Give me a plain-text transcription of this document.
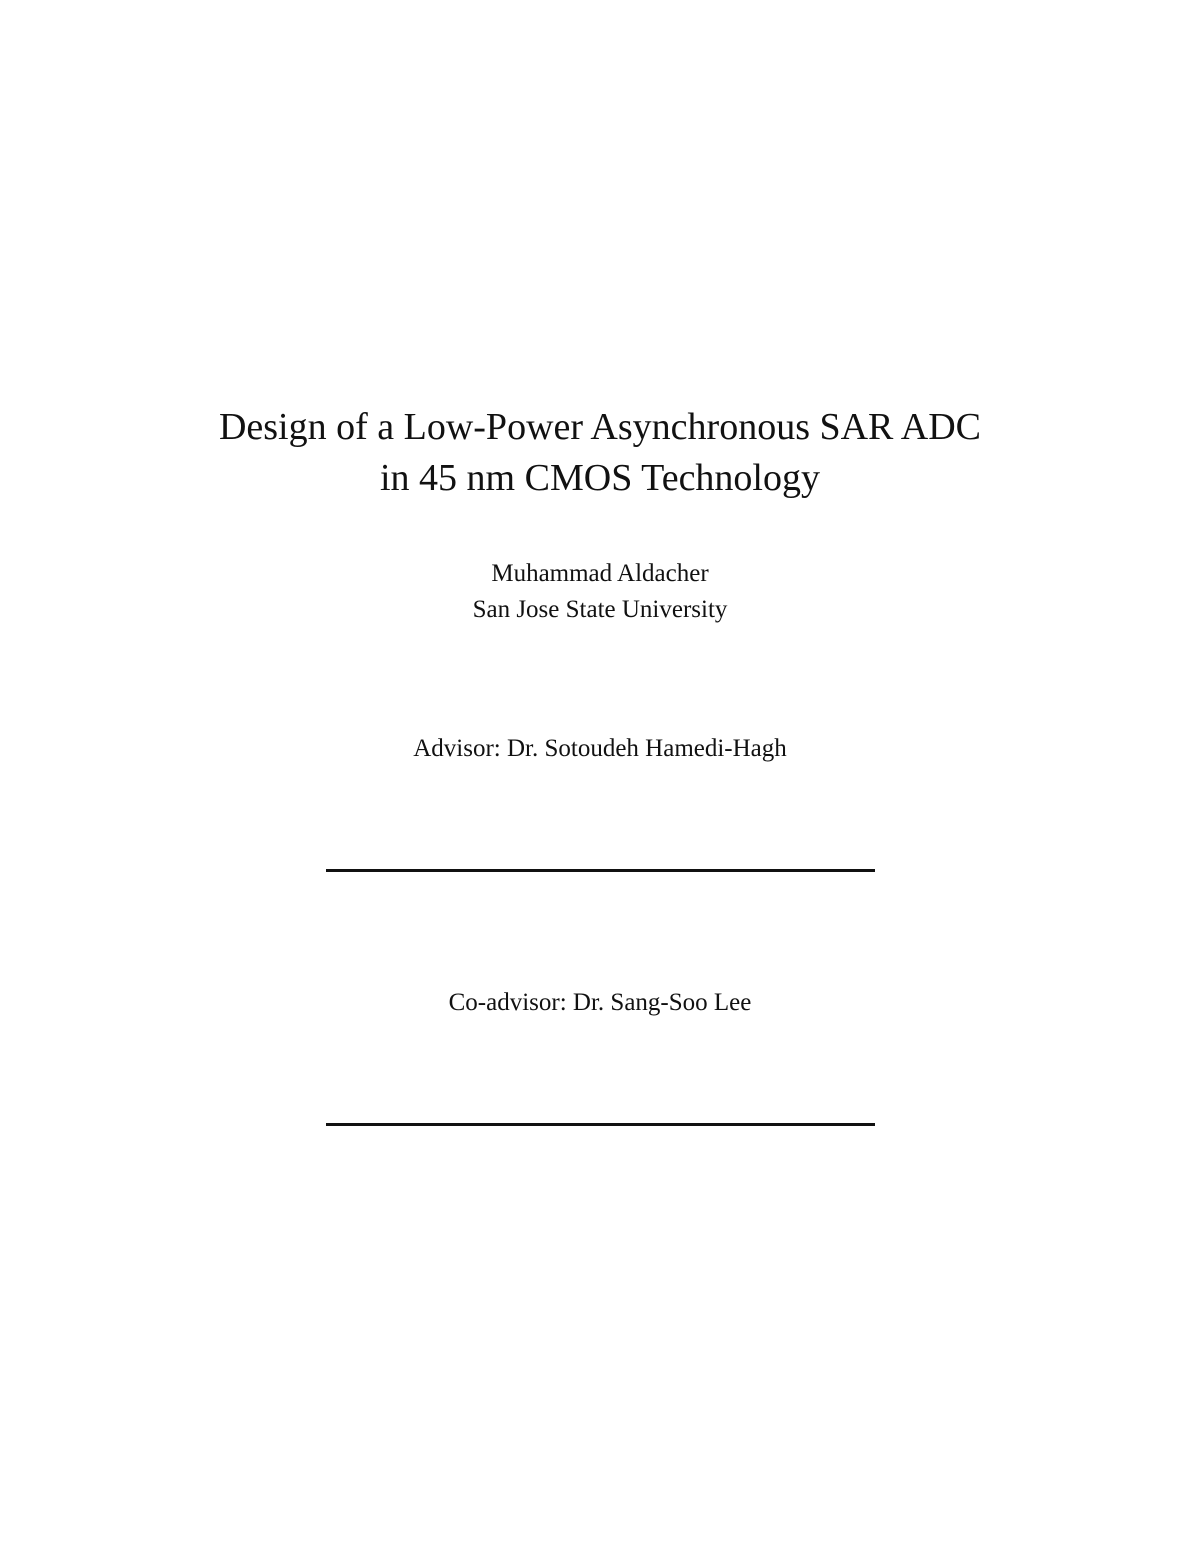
Design of a Low-Power Asynchronous SAR ADC
in 45 nm CMOS Technology
Muhammad Aldacher
San Jose State University
Advisor: Dr. Sotoudeh Hamedi-Hagh
Co-advisor: Dr. Sang-Soo Lee
